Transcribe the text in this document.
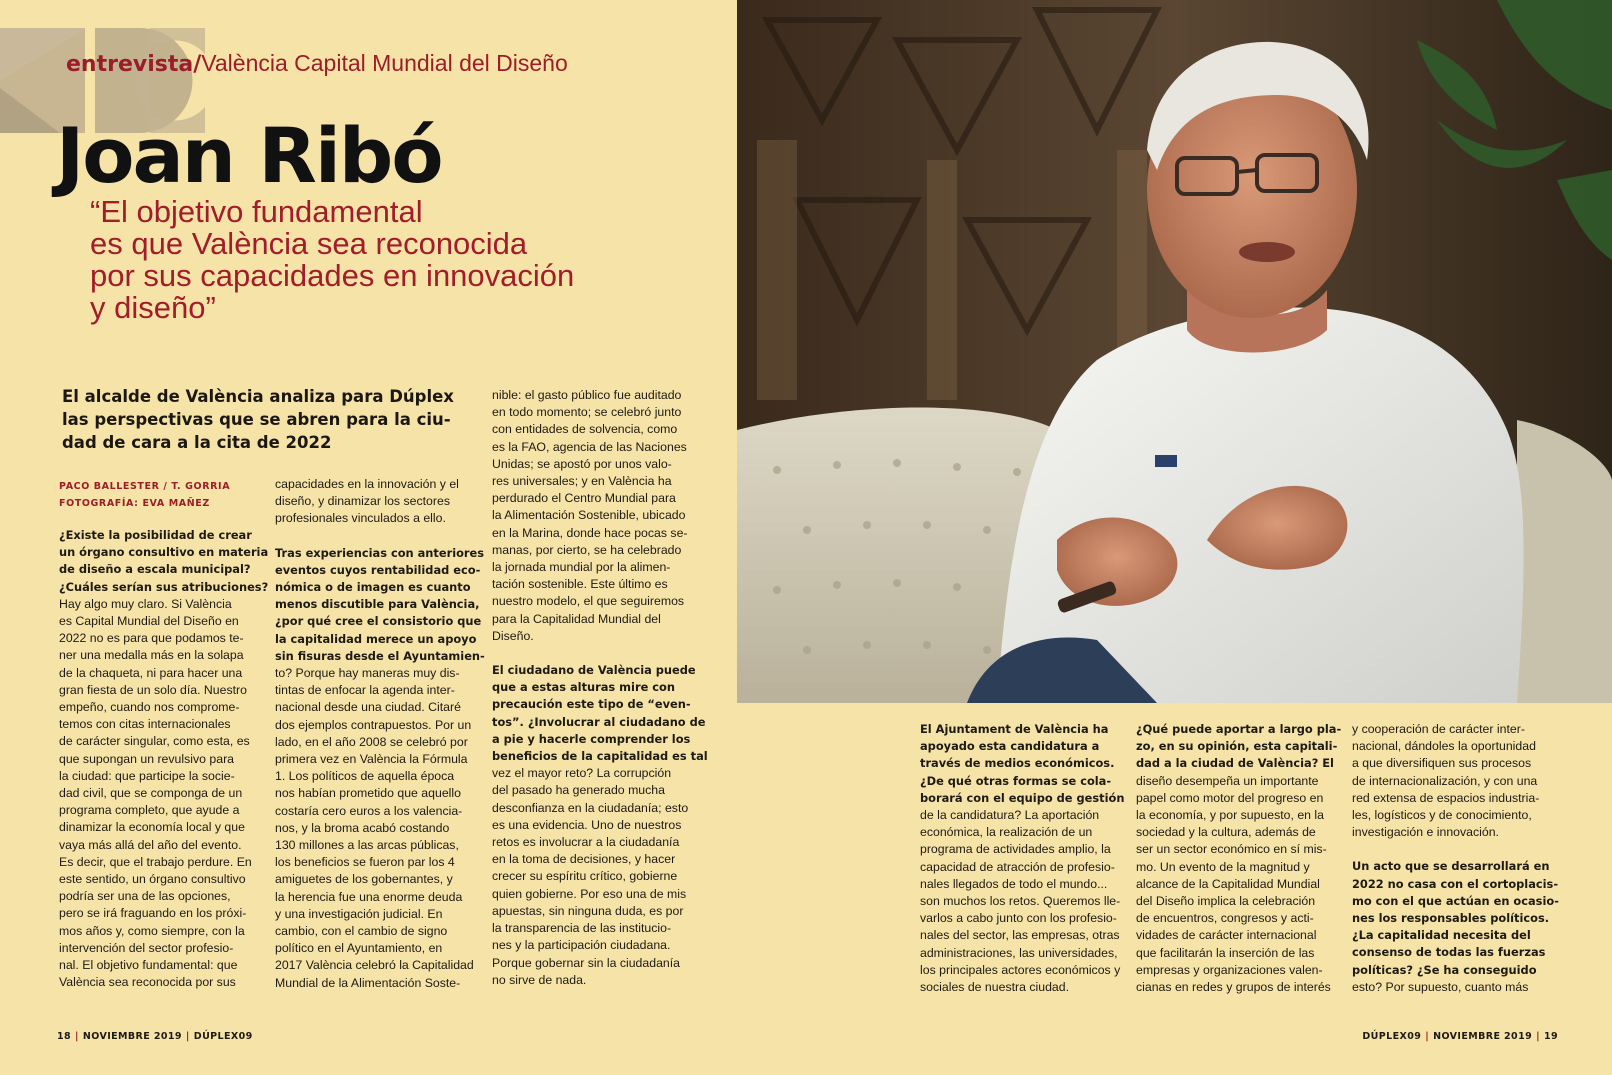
entrevista/València Capital Mundial del Diseño
Joan Ribó
“El objetivo fundamental
es que València sea reconocida
por sus capacidades en innovación
y diseño”
El alcalde de València analiza para Dúplex
las perspectivas que se abren para la ciu-
dad de cara a la cita de 2022
PACO BALLESTER / T. GORRIA
FOTOGRAFÍA: EVA MAÑEZ
¿Existe la posibilidad de crear
un órgano consultivo en materia
de diseño a escala municipal?
¿Cuáles serían sus atribuciones?
Hay algo muy claro. Si València
es Capital Mundial del Diseño en
2022 no es para que podamos te-
ner una medalla más en la solapa
de la chaqueta, ni para hacer una
gran fiesta de un solo día. Nuestro
empeño, cuando nos comprome-
temos con citas internacionales
de carácter singular, como esta, es
que supongan un revulsivo para
la ciudad: que participe la socie-
dad civil, que se componga de un
programa completo, que ayude a
dinamizar la economía local y que
vaya más allá del año del evento.
Es decir, que el trabajo perdure. En
este sentido, un órgano consultivo
podría ser una de las opciones,
pero se irá fraguando en los próxi-
mos años y, como siempre, con la
intervención del sector profesio-
nal. El objetivo fundamental: que
València sea reconocida por sus
capacidades en la innovación y el
diseño, y dinamizar los sectores
profesionales vinculados a ello.
Tras experiencias con anteriores
eventos cuyos rentabilidad eco-
nómica o de imagen es cuanto
menos discutible para València,
¿por qué cree el consistorio que
la capitalidad merece un apoyo
sin fisuras desde el Ayuntamien-
to? Porque hay maneras muy dis-
tintas de enfocar la agenda inter-
nacional desde una ciudad. Citaré
dos ejemplos contrapuestos. Por un
lado, en el año 2008 se celebró por
primera vez en València la Fórmula
1. Los políticos de aquella época
nos habían prometido que aquello
costaría cero euros a los valencia-
nos, y la broma acabó costando
130 millones a las arcas públicas,
los beneficios se fueron par los 4
amiguetes de los gobernantes, y
la herencia fue una enorme deuda
y una investigación judicial. En
cambio, con el cambio de signo
político en el Ayuntamiento, en
2017 València celebró la Capitalidad
Mundial de la Alimentación Soste-
nible: el gasto público fue auditado
en todo momento; se celebró junto
con entidades de solvencia, como
es la FAO, agencia de las Naciones
Unidas; se apostó por unos valo-
res universales; y en València ha
perdurado el Centro Mundial para
la Alimentación Sostenible, ubicado
en la Marina, donde hace pocas se-
manas, por cierto, se ha celebrado
la jornada mundial por la alimen-
tación sostenible. Este último es
nuestro modelo, el que seguiremos
para la Capitalidad Mundial del
Diseño.
El ciudadano de València puede
que a estas alturas mire con
precaución este tipo de “even-
tos”. ¿Involucrar al ciudadano de
a pie y hacerle comprender los
beneficios de la capitalidad es tal
vez el mayor reto? La corrupción
del pasado ha generado mucha
desconfianza en la ciudadanía; esto
es una evidencia. Uno de nuestros
retos es involucrar a la ciudadanía
en la toma de decisiones, y hacer
crecer su espíritu crítico, gobierne
quien gobierne. Por eso una de mis
apuestas, sin ninguna duda, es por
la transparencia de las institucio-
nes y la participación ciudadana.
Porque gobernar sin la ciudadanía
no sirve de nada.
18 | NOVIEMBRE 2019 | DÚPLEX09
El Ajuntament de València ha
apoyado esta candidatura a
través de medios económicos.
¿De qué otras formas se cola-
borará con el equipo de gestión
de la candidatura? La aportación
económica, la realización de un
programa de actividades amplio, la
capacidad de atracción de profesio-
nales llegados de todo el mundo...
son muchos los retos. Queremos lle-
varlos a cabo junto con los profesio-
nales del sector, las empresas, otras
administraciones, las universidades,
los principales actores económicos y
sociales de nuestra ciudad.
¿Qué puede aportar a largo pla-
zo, en su opinión, esta capitali-
dad a la ciudad de València? El
diseño desempeña un importante
papel como motor del progreso en
la economía, y por supuesto, en la
sociedad y la cultura, además de
ser un sector económico en sí mis-
mo. Un evento de la magnitud y
alcance de la Capitalidad Mundial
del Diseño implica la celebración
de encuentros, congresos y acti-
vidades de carácter internacional
que facilitarán la inserción de las
empresas y organizaciones valen-
cianas en redes y grupos de interés
y cooperación de carácter inter-
nacional, dándoles la oportunidad
a que diversifiquen sus procesos
de internacionalización, y con una
red extensa de espacios industria-
les, logísticos y de conocimiento,
investigación e innovación.
Un acto que se desarrollará en
2022 no casa con el cortoplacis-
mo con el que actúan en ocasio-
nes los responsables políticos.
¿La capitalidad necesita del
consenso de todas las fuerzas
políticas? ¿Se ha conseguido
esto? Por supuesto, cuanto más
DÚPLEX09 | NOVIEMBRE 2019 | 19
